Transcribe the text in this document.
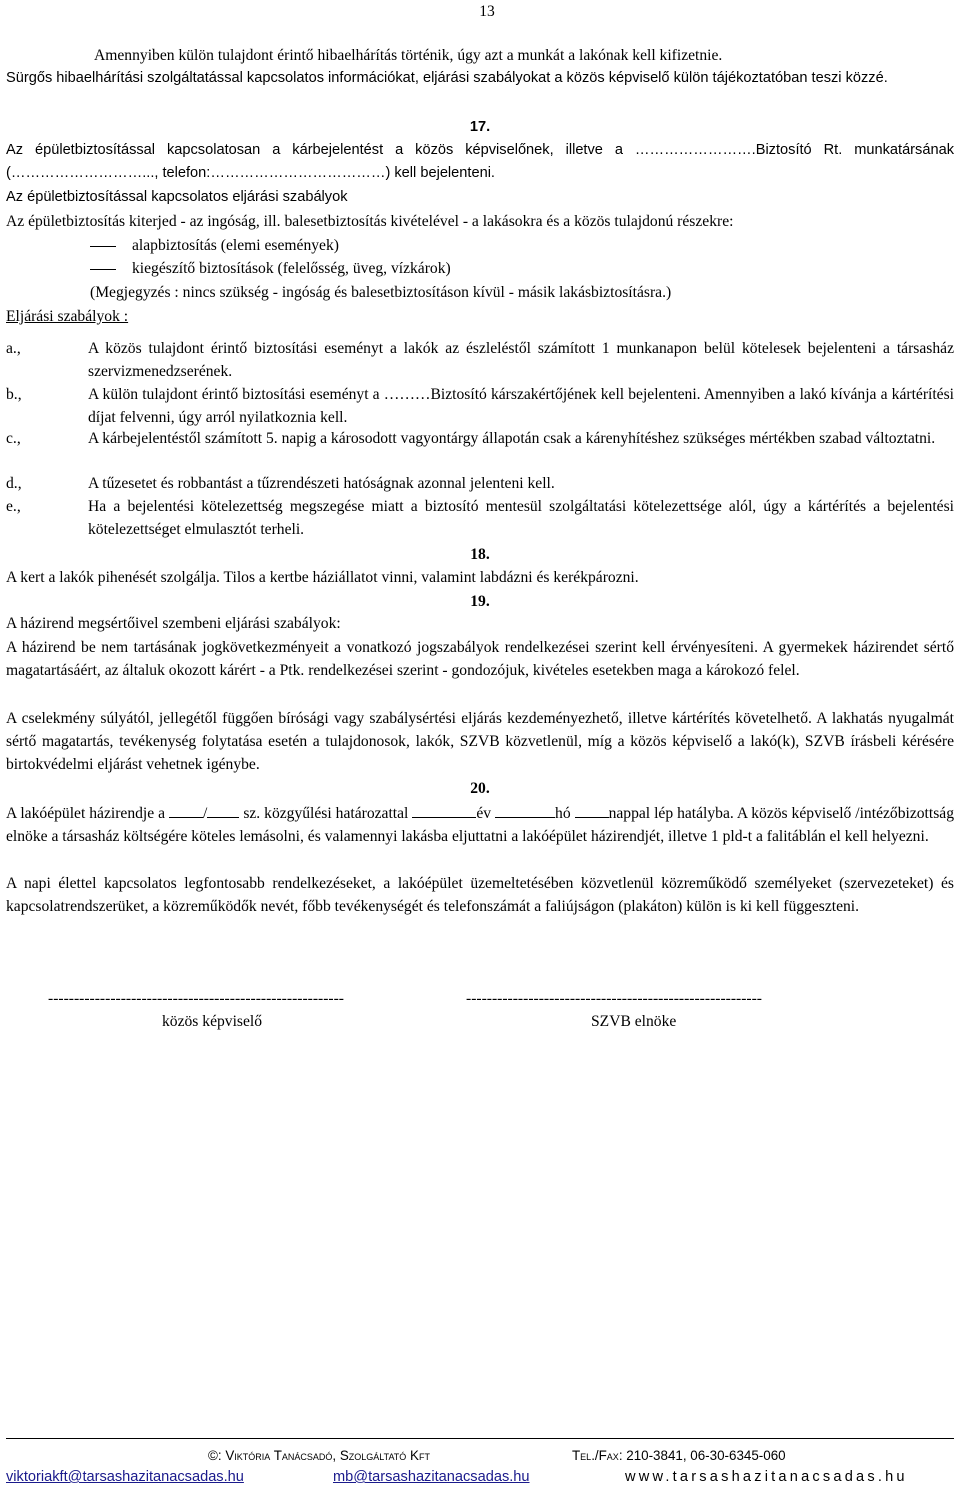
13
Amennyiben külön tulajdont érintő hibaelhárítás történik, úgy azt a munkát a lakónak kell kifizetnie.
Sürgős hibaelhárítási szolgáltatással kapcsolatos információkat, eljárási szabályokat a közös képviselő külön tájékoztatóban teszi közzé.
17.
Az épületbiztosítással kapcsolatosan a kárbejelentést a közös képviselőnek, illetve a …………………….Biztosító Rt. munkatársának (………………………..., telefon:………………………………) kell bejelenteni.
Az épületbiztosítással kapcsolatos eljárási szabályok
Az épületbiztosítás kiterjed - az ingóság, ill. balesetbiztosítás kivételével - a lakásokra és a közös tulajdonú részekre:
alapbiztosítás (elemi események)
kiegészítő biztosítások (felelősség, üveg, vízkárok)
(Megjegyzés : nincs szükség - ingóság és balesetbiztosításon kívül - másik lakásbiztosításra.)
Eljárási szabályok :
a.,	A közös tulajdont érintő biztosítási eseményt a lakók az észleléstől számított 1 munkanapon belül kötelesek bejelenteni a társasház szervizmenedzserének.
b.,	A külön tulajdont érintő biztosítási eseményt a ………Biztosító kárszakértőjének kell bejelenteni. Amennyiben a lakó kívánja a kártérítési díjat felvenni, úgy arról nyilatkoznia kell.
c.,	A kárbejelentéstől számított 5. napig a károsodott vagyontárgy állapotán csak a kárenyhítéshez szükséges mértékben szabad változtatni.
d.,	A tűzesetet és robbantást a tűzrendészeti hatóságnak azonnal jelenteni kell.
e.,	Ha a bejelentési kötelezettség megszegése miatt a biztosító mentesül szolgáltatási kötelezettsége alól, úgy a kártérítés a bejelentési kötelezettséget elmulasztót terheli.
18.
A kert a lakók pihenését szolgálja. Tilos a kertbe háziállatot vinni, valamint labdázni és kerékpározni.
19.
A házirend megsértőivel szembeni eljárási szabályok:
A házirend be nem tartásának jogkövetkezményeit a vonatkozó jogszabályok rendelkezései szerint kell érvényesíteni. A gyermekek házirendet sértő magatartásáért, az általuk okozott kárért - a Ptk. rendelkezései szerint - gondozójuk, kivételes esetekben maga a károkozó felel.
A cselekmény súlyától, jellegétől függően bírósági vagy szabálysértési eljárás kezdeményezhető, illetve kártérítés követelhető. A lakhatás nyugalmát sértő magatartás, tevékenység folytatása esetén a tulajdonosok, lakók, SZVB közvetlenül, míg a közös képviselő a lakó(k), SZVB írásbeli kérésére birtokvédelmi eljárást vehetnek igénybe.
20.
A lakóépület házirendje a / sz. közgyűlési határozattal	év	hó nappal lép hatályba. A közös képviselő /intézőbizottság elnöke a társasház költségére köteles lemásolni, és valamennyi lakásba eljuttatni a lakóépület házirendjét, illetve 1 pld-t a falitáblán el kell helyezni.
A napi élettel kapcsolatos legfontosabb rendelkezéseket, a lakóépület üzemeltetésében közvetlenül közreműködő személyeket (szervezeteket) és kapcsolatrendszerüket, a közreműködők nevét, főbb tevékenységét és telefonszámát a faliújságon (plakáton) külön is ki kell függeszteni.
---------------------------------------------------------	---------------------------------------------------------
közös képviselő	SZVB elnöke
©: Viktória Tanácsadó, Szolgáltató Kft	Tel./Fax: 210-3841, 06-30-6345-060
viktoriakft@tarsashazitanacsadas.hu	mb@tarsashazitanacsadas.hu	www.tarsashazitanacsadas.hu
